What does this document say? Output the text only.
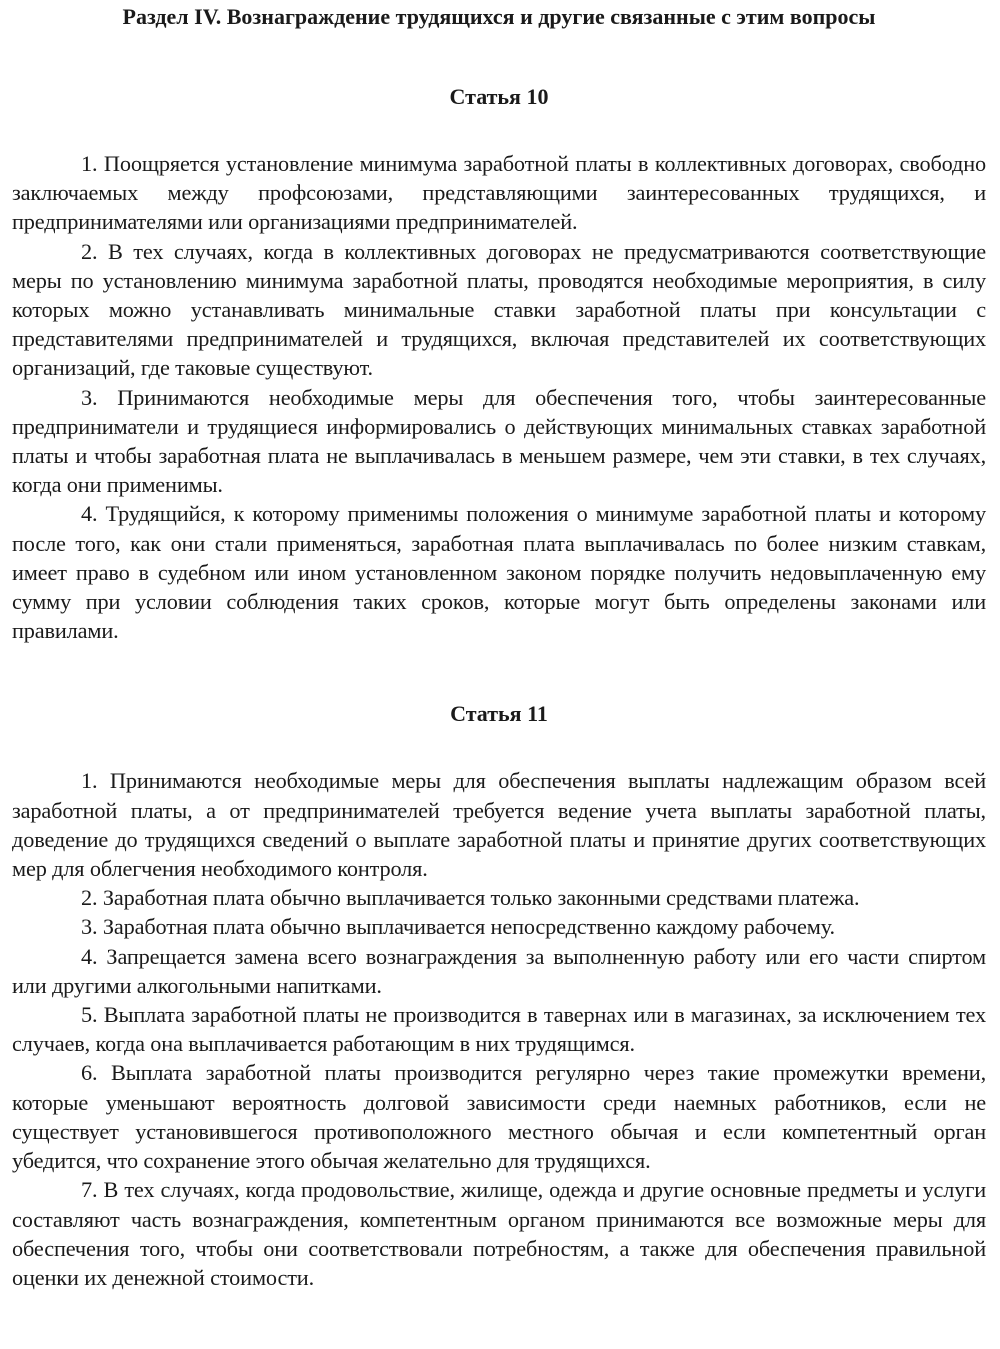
Раздел IV. Вознаграждение трудящихся и другие связанные с этим вопросы
Статья 10

1. Поощряется установление минимума заработной платы в коллективных договорах, свободно заключаемых между профсоюзами, представляющими заинтересованных трудящихся, и предпринимателями или организациями предпринимателей.

2. В тех случаях, когда в коллективных договорах не предусматриваются соответствующие меры по установлению минимума заработной платы, проводятся необходимые мероприятия, в силу которых можно устанавливать минимальные ставки заработной платы при консультации с представителями предпринимателей и трудящихся, включая представителей их соответствующих организаций, где таковые существуют.

3. Принимаются необходимые меры для обеспечения того, чтобы заинтересованные предприниматели и трудящиеся информировались о действующих минимальных ставках заработной платы и чтобы заработная плата не выплачивалась в меньшем размере, чем эти ставки, в тех случаях, когда они применимы.

4. Трудящийся, к которому применимы положения о минимуме заработной платы и которому после того, как они стали применяться, заработная плата выплачивалась по более низким ставкам, имеет право в судебном или ином установленном законом порядке получить недовыплаченную ему сумму при условии соблюдения таких сроков, которые могут быть определены законами или правилами.

Статья 11

1. Принимаются необходимые меры для обеспечения выплаты надлежащим образом всей заработной платы, а от предпринимателей требуется ведение учета выплаты заработной платы, доведение до трудящихся сведений о выплате заработной платы и принятие других соответствующих мер для облегчения необходимого контроля.

2. Заработная плата обычно выплачивается только законными средствами платежа.

3. Заработная плата обычно выплачивается непосредственно каждому рабочему.

4. Запрещается замена всего вознаграждения за выполненную работу или его части спиртом или другими алкогольными напитками.

5. Выплата заработной платы не производится в тавернах или в магазинах, за исключением тех случаев, когда она выплачивается работающим в них трудящимся.

6. Выплата заработной платы производится регулярно через такие промежутки времени, которые уменьшают вероятность долговой зависимости среди наемных работников, если не существует установившегося противоположного местного обычая и если компетентный орган убедится, что сохранение этого обычая желательно для трудящихся.

7. В тех случаях, когда продовольствие, жилище, одежда и другие основные предметы и услуги составляют часть вознаграждения, компетентным органом принимаются все возможные меры для обеспечения того, чтобы они соответствовали потребностям, а также для обеспечения правильной оценки их денежной стоимости.
